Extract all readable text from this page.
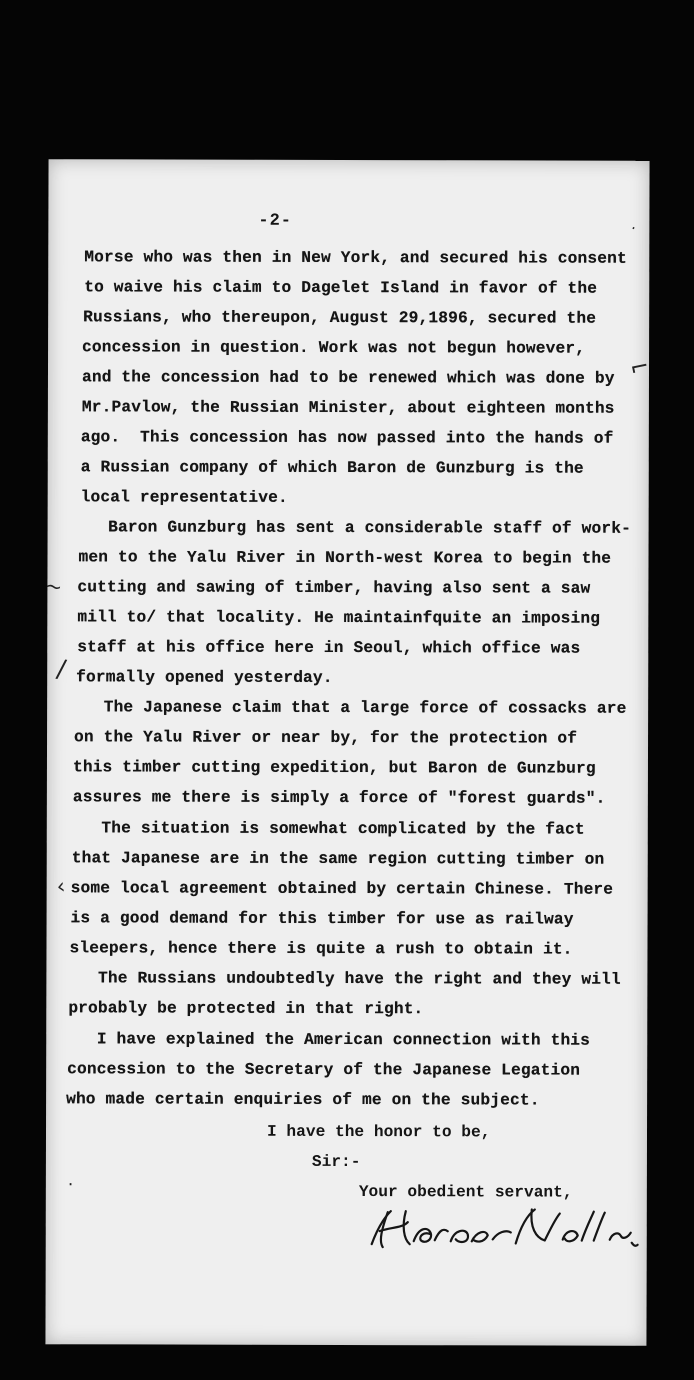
-2-
Morse who was then in New York, and secured his consent
to waive his claim to Dagelet Island in favor of the
Russians, who thereupon, August 29,1896, secured the
concession in question. Work was not begun however,
and the concession had to be renewed which was done by
Mr.Pavlow, the Russian Minister, about eighteen months
ago.  This concession has now passed into the hands of
a Russian company of which Baron de Gunzburg is the
local representative.
Baron Gunzburg has sent a considerable staff of work-
men to the Yalu River in North-west Korea to begin the
cutting and sawing of timber, having also sent a saw
mill to/ that locality. He maintainfquite an imposing
staff at his office here in Seoul, which office was
formally opened yesterday.
The Japanese claim that a large force of cossacks are
on the Yalu River or near by, for the protection of
this timber cutting expedition, but Baron de Gunzburg
assures me there is simply a force of "forest guards".
The situation is somewhat complicated by the fact
that Japanese are in the same region cutting timber on
some local agreement obtained by certain Chinese. There
is a good demand for this timber for use as railway
sleepers, hence there is quite a rush to obtain it.
The Russians undoubtedly have the right and they will
probably be protected in that right.
I have explained the American connection with this
concession to the Secretary of the Japanese Legation
who made certain enquiries of me on the subject.
I have the honor to be,
Sir:-
Your obedient servant,
.
⌐
~
/
‹
.
